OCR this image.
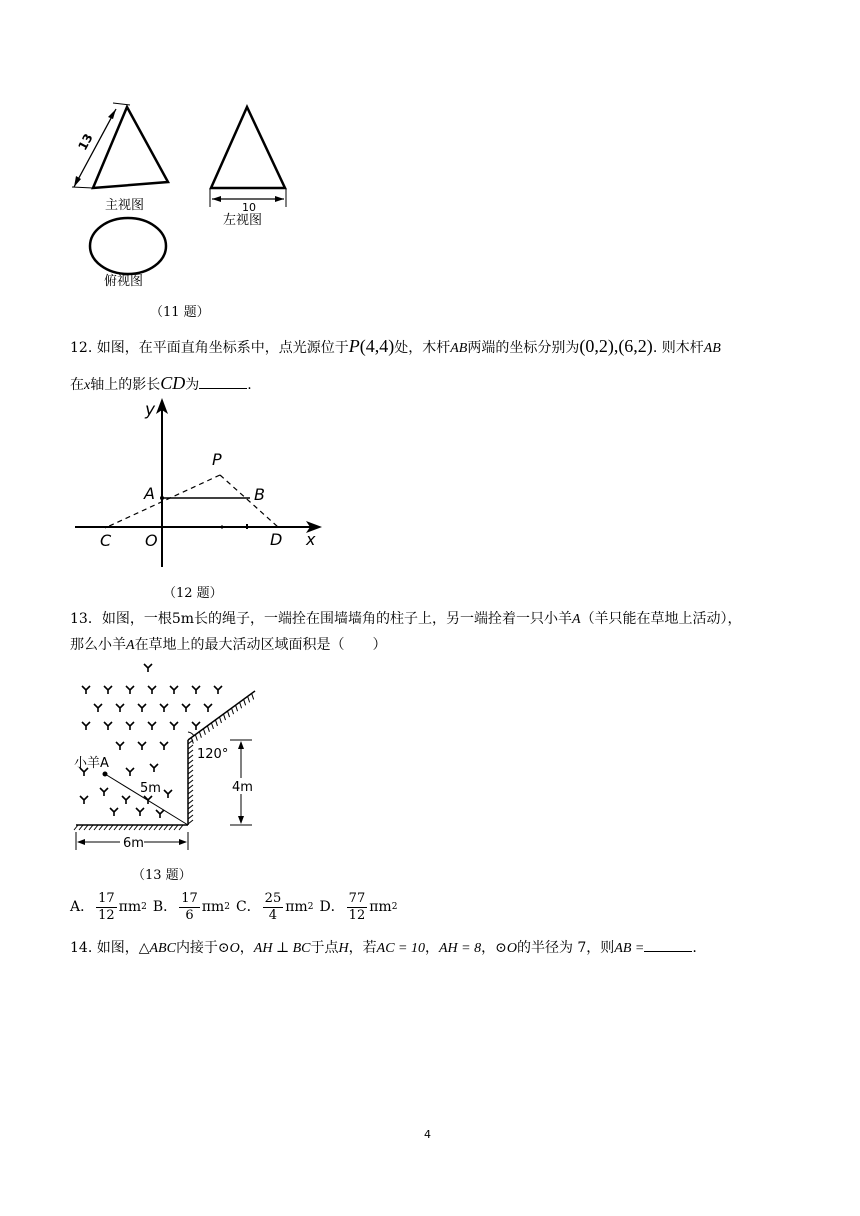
13
主视图	10
左视图
俯视图
（11 题）
12. 如图，在平面直角坐标系中，点光源位于P(4,4)处，木杆AB两端的坐标分别为(0,2),(6,2). 则木杆AB
在x轴上的影长CD为	.
y
P
A	B
C O	D x
（12 题）
13．如图，一根5m长的绳子，一端拴在围墙墙角的柱子上，另一端拴着一只小羊A（羊只能在草地上活动），
那么小羊A在草地上的最大活动区域面积是（　　）
120°
小羊A
5m	4m
6m
（13 题）
A． $\frac{17}{12}$ πm 2 B． $\frac{17}{6}$ πm 2 C． $\frac{25}{4}$ πm 2 D． $\frac{77}{12}$ πm 2
14. 如图，△ABC内接于⊙O，AH ⊥ BC于点H，若AC = 10，AH = 8，⊙O的半径为 7，则AB =	.
4
